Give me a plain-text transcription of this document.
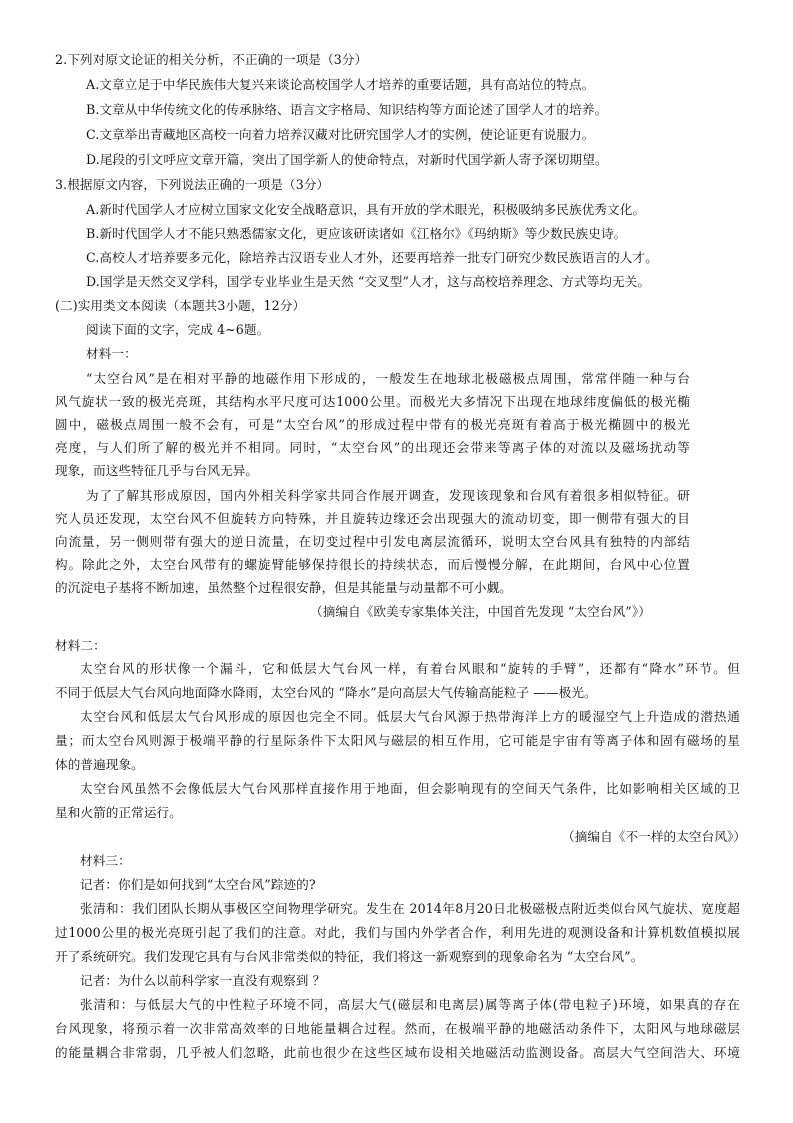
2.下列对原文论证的相关分析，不正确的一项是（3分）
A.文章立足于中华民族伟大复兴来谈论高校国学人才培养的重要话题，具有高站位的特点。
B.文章从中华传统文化的传承脉络、语言文字格局、知识结构等方面论述了国学人才的培养。
C.文章举出青藏地区高校一向着力培养汉藏对比研究国学人才的实例，使论证更有说服力。
D.尾段的引文呼应文章开篇，突出了国学新人的使命特点，对新时代国学新人寄予深切期望。
3.根据原文内容，下列说法正确的一项是（3分）
A.新时代国学人才应树立国家文化安全战略意识，具有开放的学术眼光，积极吸纳多民族优秀文化。
B.新时代国学人才不能只熟悉儒家文化，更应该研读诸如《江格尔》《玛纳斯》等少数民族史诗。
C.高校人才培养要多元化，除培养古汉语专业人才外，还要再培养一批专门研究少数民族语言的人才。
D.国学是天然交叉学科，国学专业毕业生是天然 “交叉型”人才，这与高校培养理念、方式等均无关。
(二)实用类文本阅读（本题共3小题，12分）
阅读下面的文字，完成 4~6题。
材料一：
“太空台风”是在相对平静的地磁作用下形成的，一般发生在地球北极磁极点周围，常常伴随一种与台
风气旋状一致的极光亮斑，其结构水平尺度可达1000公里。而极光大多情况下出现在地球纬度偏低的极光椭
圆中，磁极点周围一般不会有，可是“太空台风”的形成过程中带有的极光亮斑有着高于极光椭圆中的极光
亮度，与人们所了解的极光并不相同。同时，“太空台风”的出现还会带来等离子体的对流以及磁场扰动等
现象，而这些特征几乎与台风无异。
为了了解其形成原因，国内外相关科学家共同合作展开调查，发现该现象和台风有着很多相似特征。研
究人员还发现，太空台风不但旋转方向特殊，并且旋转边缘还会出现强大的流动切变，即一侧带有强大的目
向流量，另一侧则带有强大的逆日流量，在切变过程中引发电离层流循环，说明太空台风具有独特的内部结
构。除此之外，太空台风带有的螺旋臂能够保持很长的持续状态，而后慢慢分解，在此期间，台风中心位置
的沉淀电子基将不断加速，虽然整个过程很安静，但是其能量与动量都不可小觑。
（摘编自《欧美专家集体关注，中国首先发现 “太空台风”》）
材料二：
太空台风的形状像一个漏斗，它和低层大气台风一样，有着台风眼和“旋转的手臂”，还都有“降水”环节。但
不同于低层大气台风向地面降水降雨，太空台风的 “降水”是向高层大气传输高能粒子 ——极光。
太空台风和低层太气台风形成的原因也完全不同。低层大气台风源于热带海洋上方的暖湿空气上升造成的潜热通
量；而太空台风则源于极端平静的行星际条件下太阳风与磁层的相互作用，它可能是宇宙有等离子体和固有磁场的星
体的普遍现象。
太空台风虽然不会像低层大气台风那样直接作用于地面，但会影响现有的空间天气条件，比如影响相关区域的卫
星和火箭的正常运行。
（摘编自《不一样的太空台风》）
材料三：
记者：你们是如何找到“太空台风”踪迹的?
张清和：我们团队长期从事极区空间物理学研究。发生在 2014年8月20日北极磁极点附近类似台风气旋状、宽度超
过1000公里的极光亮斑引起了我们的注意。对此，我们与国内外学者合作，利用先进的观测设备和计算机数值模拟展
开了系统研究。我们发现它具有与台风非常类似的特征，我们将这一新观察到的现象命名为 “太空台风”。
记者：为什么以前科学家一直没有观察到 ？
张清和：与低层大气的中性粒子环境不同，高层大气(磁层和电离层)属等离子体(带电粒子)环境，如果真的存在
台风现象，将预示着一次非常高效率的日地能量耦合过程。然而，在极端平静的地磁活动条件下，太阳风与地球磁层
的能量耦合非常弱，几乎被人们忽略，此前也很少在这些区域布设相关地磁活动监测设备。高层大气空间浩大、环境
